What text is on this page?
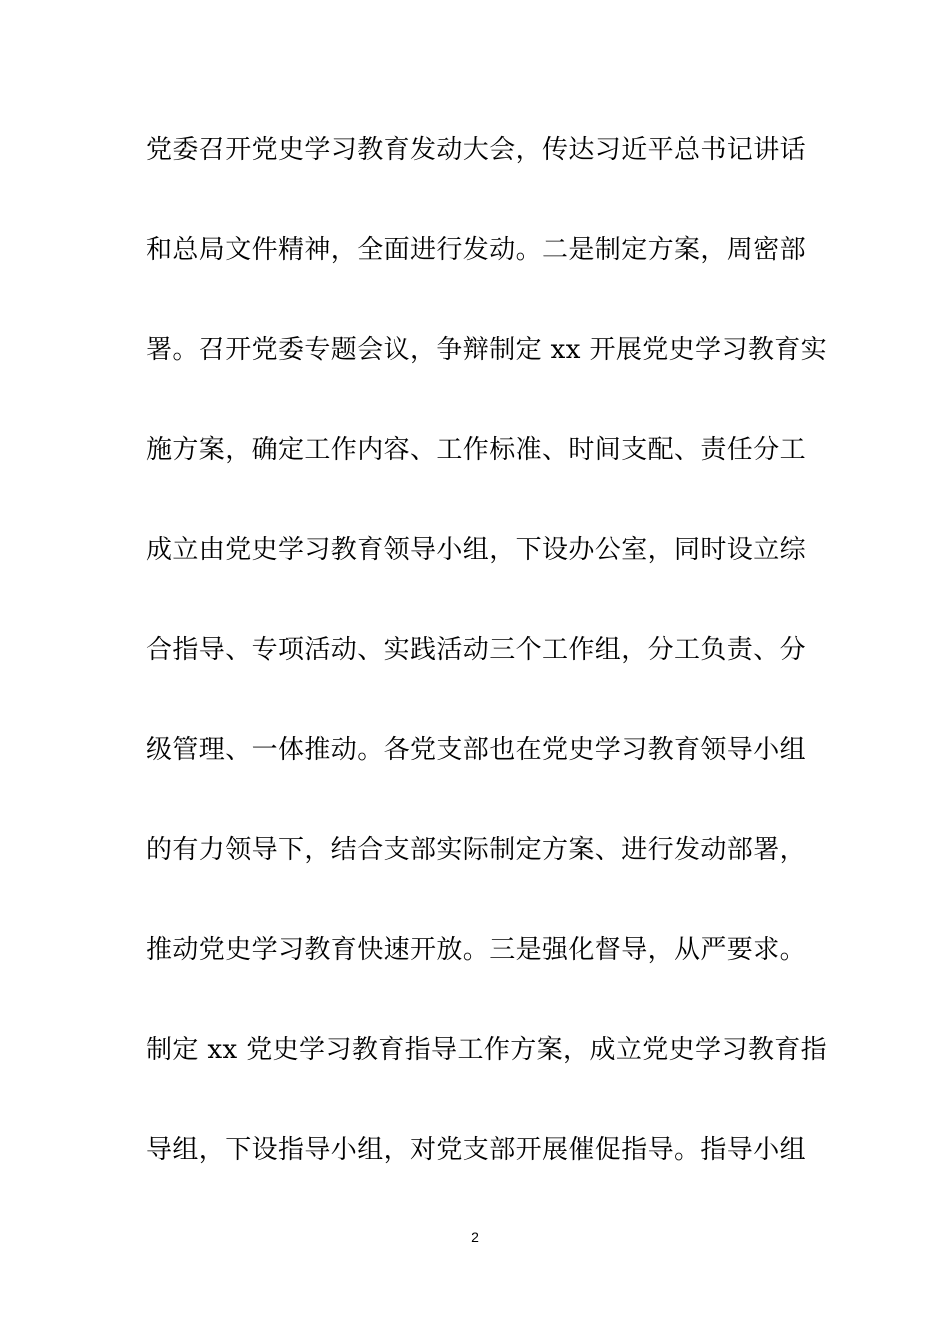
党委召开党史学习教育发动大会，传达习近平总书记讲话
和总局文件精神，全面进行发动。二是制定方案，周密部
署。召开党委专题会议，争辩制定 xx 开展党史学习教育实
施方案，确定工作内容、工作标准、时间支配、责任分工
成立由党史学习教育领导小组，下设办公室，同时设立综
合指导、专项活动、实践活动三个工作组，分工负责、分
级管理、一体推动。各党支部也在党史学习教育领导小组
的有力领导下，结合支部实际制定方案、进行发动部署，
推动党史学习教育快速开放。三是强化督导，从严要求。
制定 xx 党史学习教育指导工作方案，成立党史学习教育指
导组，下设指导小组，对党支部开展催促指导。指导小组
2
